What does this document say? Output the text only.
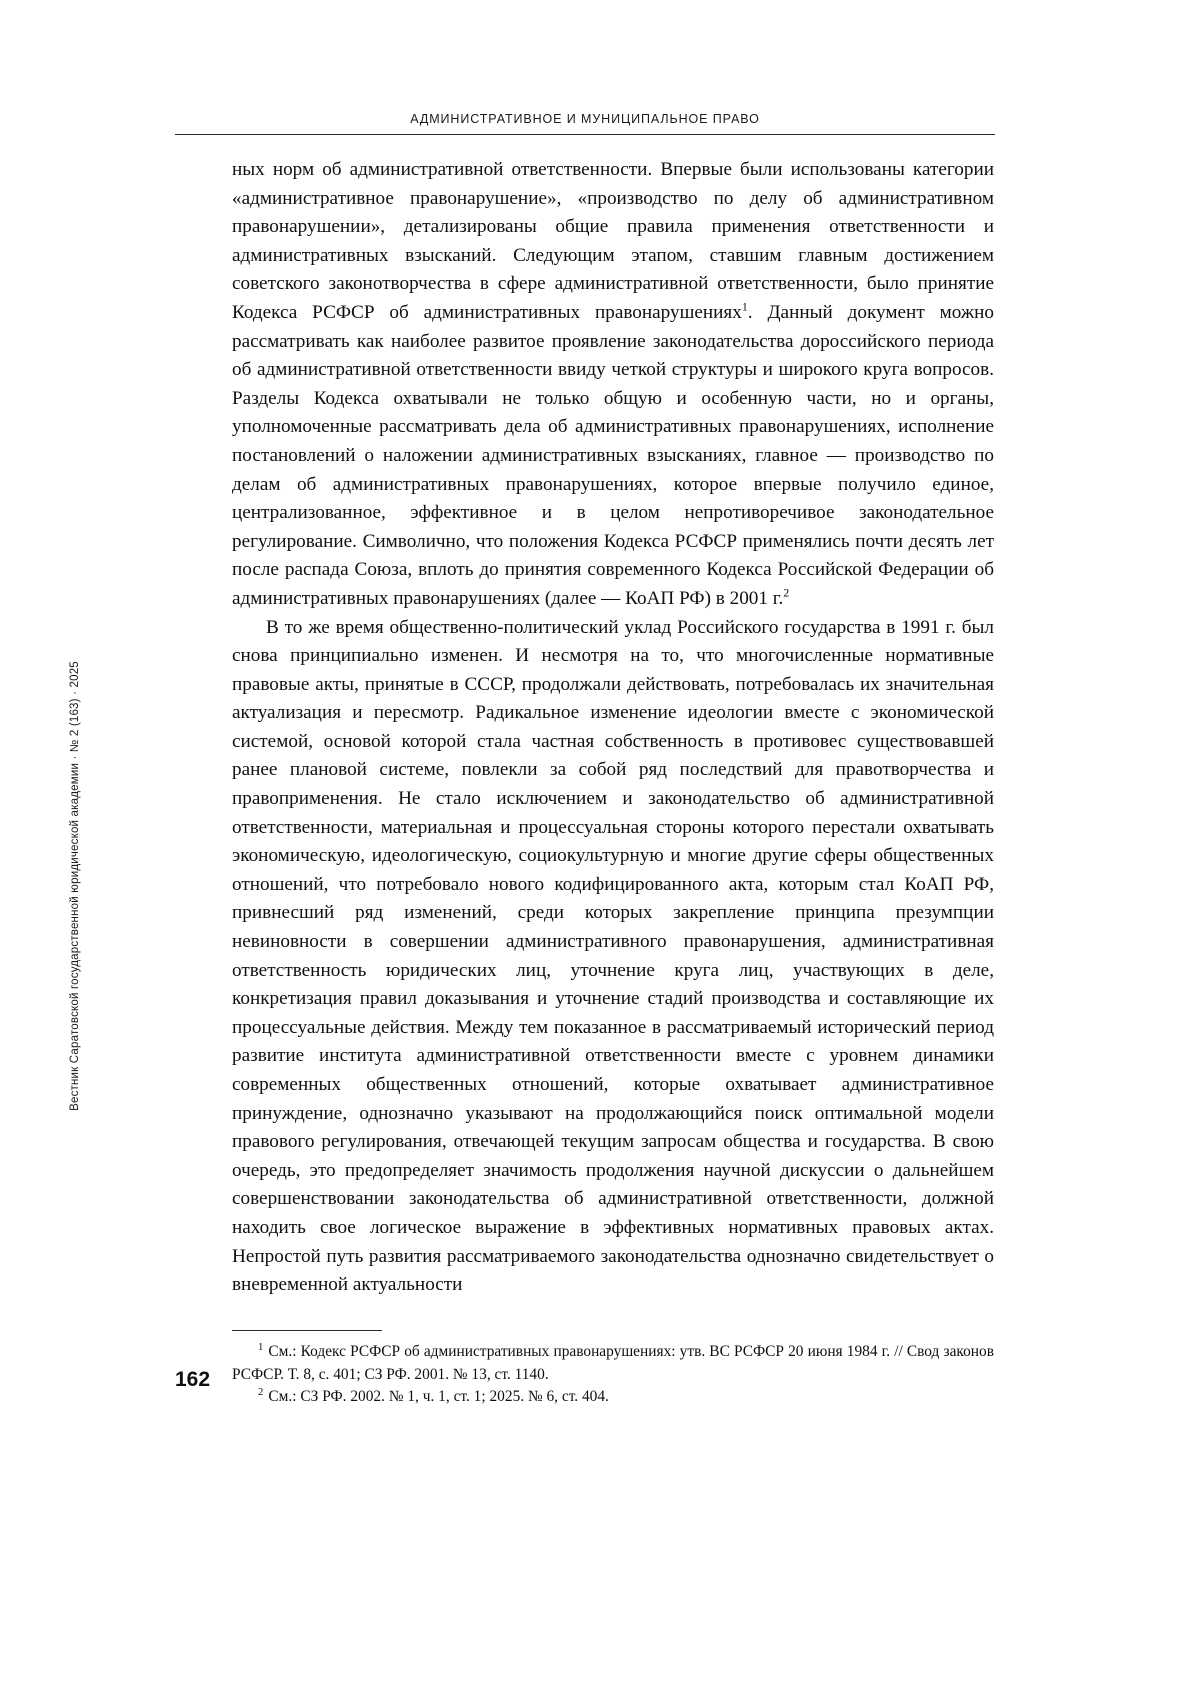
АДМИНИСТРАТИВНОЕ И МУНИЦИПАЛЬНОЕ ПРАВО
Вестник Саратовской государственной юридической академии · № 2 (163) · 2025

ных норм об административной ответственности. Впервые были использованы категории «административное правонарушение», «производство по делу об административном правонарушении», детализированы общие правила применения ответственности и административных взысканий. Следующим этапом, ставшим главным достижением советского законотворчества в сфере административной ответственности, было принятие Кодекса РСФСР об административных правонарушениях$^1$. Данный документ можно рассматривать как наиболее развитое проявление законодательства дороссийского периода об административной ответственности ввиду четкой структуры и широкого круга вопросов. Разделы Кодекса охватывали не только общую и особенную части, но и органы, уполномоченные рассматривать дела об административных правонарушениях, исполнение постановлений о наложении административных взысканиях, главное — производство по делам об административных правонарушениях, которое впервые получило единое, централизованное, эффективное и в целом непротиворечивое законодательное регулирование. Символично, что положения Кодекса РСФСР применялись почти десять лет после распада Союза, вплоть до принятия современного Кодекса Российской Федерации об административных правонарушениях (далее — КоАП РФ) в 2001 г.$^2$

В то же время общественно-политический уклад Российского государства в 1991 г. был снова принципиально изменен. И несмотря на то, что многочисленные нормативные правовые акты, принятые в СССР, продолжали действовать, потребовалась их значительная актуализация и пересмотр. Радикальное изменение идеологии вместе с экономической системой, основой которой стала частная собственность в противовес существовавшей ранее плановой системе, повлекли за собой ряд последствий для правотворчества и правоприменения. Не стало исключением и законодательство об административной ответственности, материальная и процессуальная стороны которого перестали охватывать экономическую, идеологическую, социокультурную и многие другие сферы общественных отношений, что потребовало нового кодифицированного акта, которым стал КоАП РФ, привнесший ряд изменений, среди которых закрепление принципа презумпции невиновности в совершении административного правонарушения, административная ответственность юридических лиц, уточнение круга лиц, участвующих в деле, конкретизация правил доказывания и уточнение стадий производства и составляющие их процессуальные действия. Между тем показанное в рассматриваемый исторический период развитие института административной ответственности вместе с уровнем динамики современных общественных отношений, которые охватывает административное принуждение, однозначно указывают на продолжающийся поиск оптимальной модели правового регулирования, отвечающей текущим запросам общества и государства. В свою очередь, это предопределяет значимость продолжения научной дискуссии о дальнейшем совершенствовании законодательства об административной ответственности, должной находить свое логическое выражение в эффективных нормативных правовых актах. Непростой путь развития рассматриваемого законодательства однозначно свидетельствует о вневременной актуальности

$^1$ См.: Кодекс РСФСР об административных правонарушениях: утв. ВС РСФСР 20 июня 1984 г. // Свод законов РСФСР. Т. 8, с. 401; СЗ РФ. 2001. № 13, ст. 1140.

$^2$ См.: СЗ РФ. 2002. № 1, ч. 1, ст. 1; 2025. № 6, ст. 404.

162
